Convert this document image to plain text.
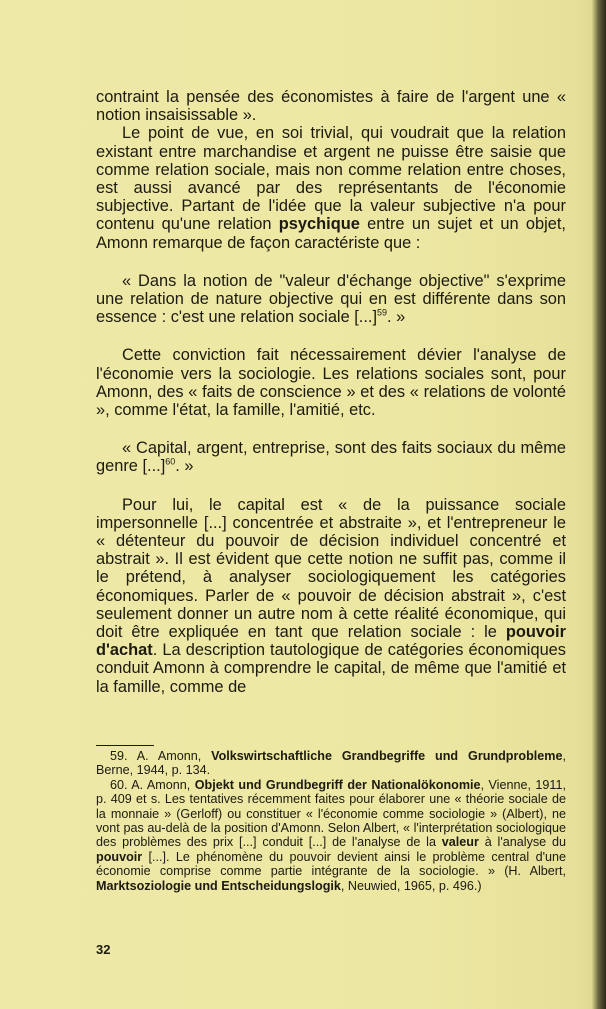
contraint la pensée des économistes à faire de l'argent une « notion insaisissable ».

Le point de vue, en soi trivial, qui voudrait que la relation existant entre marchandise et argent ne puisse être saisie que comme relation sociale, mais non comme relation entre choses, est aussi avancé par des représentants de l'économie subjective. Partant de l'idée que la valeur subjective n'a pour contenu qu'une relation psychique entre un sujet et un objet, Amonn remarque de façon caractériste que :

« Dans la notion de "valeur d'échange objective" s'exprime une relation de nature objective qui en est différente dans son essence : c'est une relation sociale [...]$^{59}$. »

Cette conviction fait nécessairement dévier l'analyse de l'économie vers la sociologie. Les relations sociales sont, pour Amonn, des « faits de conscience » et des « relations de volonté », comme l'état, la famille, l'amitié, etc.

« Capital, argent, entreprise, sont des faits sociaux du même genre [...]$^{60}$. »

Pour lui, le capital est « de la puissance sociale impersonnelle [...] concentrée et abstraite », et l'entrepreneur le « détenteur du pouvoir de décision individuel concentré et abstrait ». Il est évident que cette notion ne suffit pas, comme il le prétend, à analyser sociologiquement les catégories économiques. Parler de « pouvoir de décision abstrait », c'est seulement donner un autre nom à cette réalité économique, qui doit être expliquée en tant que relation sociale : le pouvoir d'achat. La description tautologique de catégories économiques conduit Amonn à comprendre le capital, de même que l'amitié et la famille, comme de

59. A. Amonn, Volkswirtschaftliche Grandbegriffe und Grundprobleme, Berne, 1944, p. 134.

60. A. Amonn, Objekt und Grundbegriff der Nationalökonomie, Vienne, 1911, p. 409 et s. Les tentatives récemment faites pour élaborer une « théorie sociale de la monnaie » (Gerloff) ou constituer « l'économie comme sociologie » (Albert), ne vont pas au-delà de la position d'Amonn. Selon Albert, « l'interprétation sociologique des problèmes des prix [...] conduit [...] de l'analyse de la valeur à l'analyse du pouvoir [...]. Le phénomène du pouvoir devient ainsi le problème central d'une économie comprise comme partie intégrante de la sociologie. » (H. Albert, Marktsoziologie und Entscheidungslogik, Neuwied, 1965, p. 496.)

32
